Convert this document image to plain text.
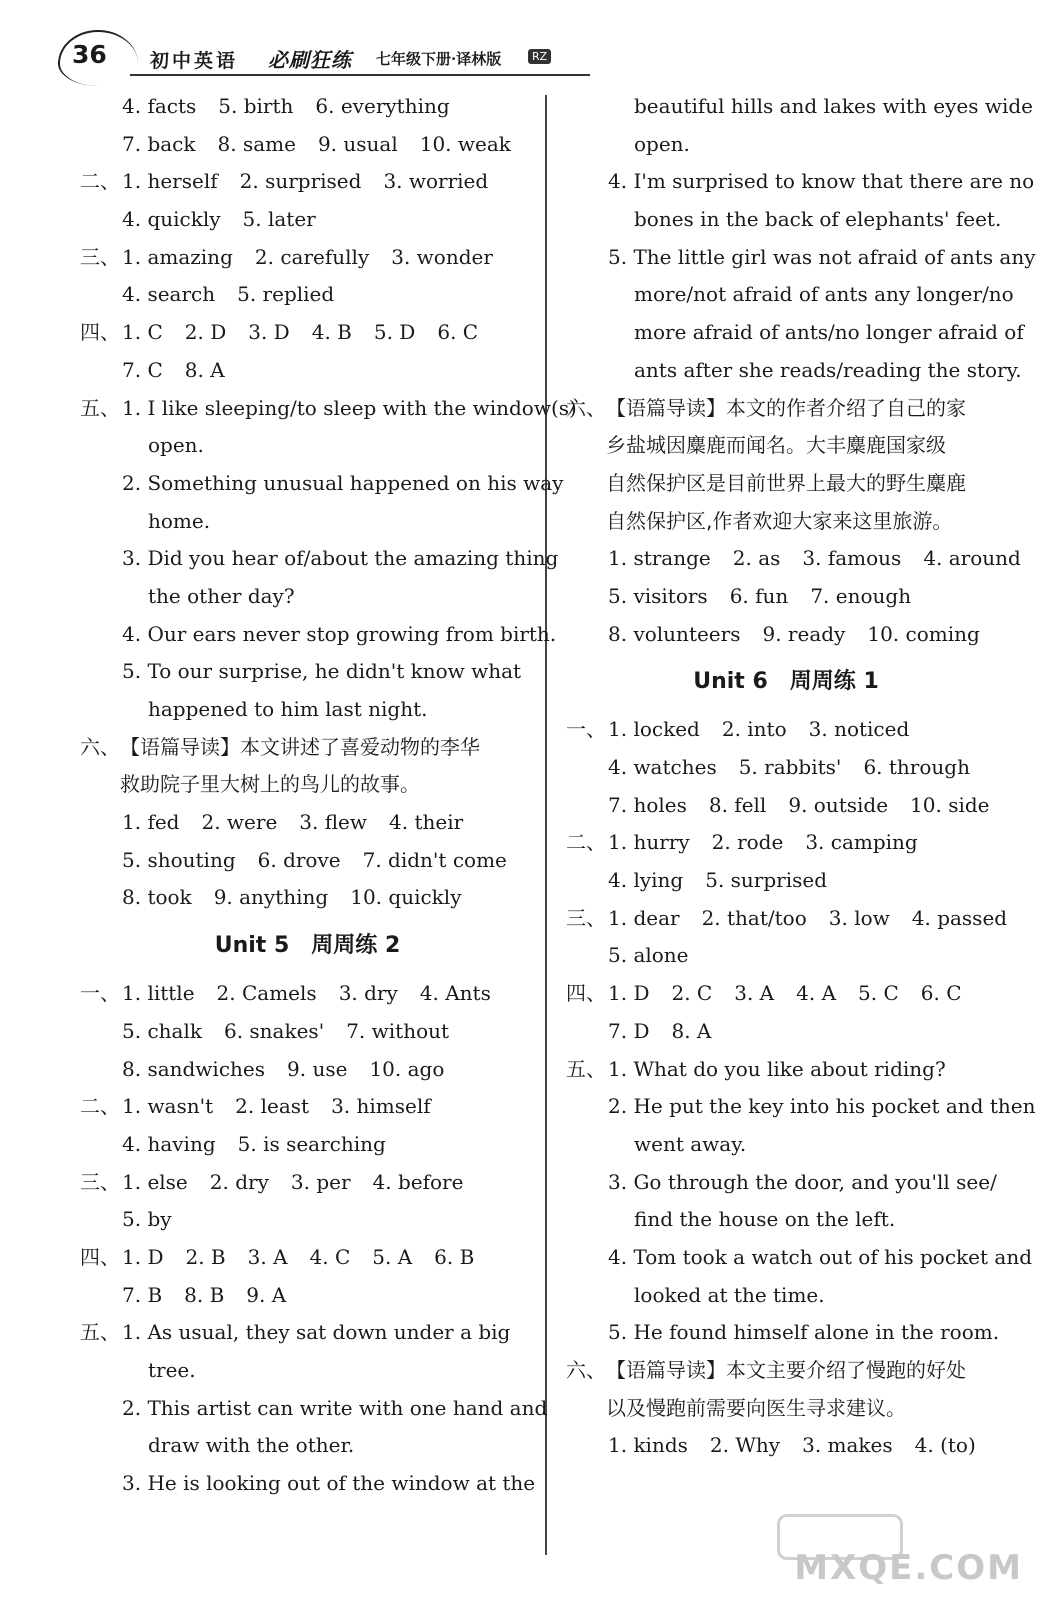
36 初中英语 必刷狂练 七年级下册·译林版	RZ
4. facts 5. birth 6. everything
7. back 8. same 9. usual 10. weak
二、 1. herself 2. surprised 3. worried
4. quickly 5. later
三、 1. amazing 2. carefully 3. wonder
4. search 5. replied
四、 1. C 2. D 3. D 4. B 5. D 6. C
7. C 8. A
五、 1. I like sleeping/to sleep with the window(s)
open.
2. Something unusual happened on his way
home.
3. Did you hear of/about the amazing thing
the other day?
4. Our ears never stop growing from birth.
5. To our surprise, he didn't know what
happened to him last night.
六、 【语篇导读】本文讲述了喜爱动物的李华
救助院子里大树上的鸟儿的故事。
1. fed 2. were 3. flew 4. their
5. shouting 6. drove 7. didn't come
8. took 9. anything 10. quickly
Unit 5　周周练 2
一、 1. little 2. Camels 3. dry 4. Ants
5. chalk 6. snakes' 7. without
8. sandwiches 9. use 10. ago
二、 1. wasn't 2. least 3. himself
4. having 5. is searching
三、 1. else 2. dry 3. per 4. before
5. by
四、 1. D 2. B 3. A 4. C 5. A 6. B
7. B 8. B 9. A
五、 1. As usual, they sat down under a big
tree.
2. This artist can write with one hand and
draw with the other.
3. He is looking out of the window at the
beautiful hills and lakes with eyes wide
open.
4. I'm surprised to know that there are no
bones in the back of elephants' feet.
5. The little girl was not afraid of ants any
more/not afraid of ants any longer/no
more afraid of ants/no longer afraid of
ants after she reads/reading the story.
六、 【语篇导读】本文的作者介绍了自己的家
乡盐城因麋鹿而闻名。大丰麋鹿国家级
自然保护区是目前世界上最大的野生麋鹿
自然保护区,作者欢迎大家来这里旅游。
1. strange 2. as 3. famous 4. around
5. visitors 6. fun 7. enough
8. volunteers 9. ready 10. coming
Unit 6　周周练 1
一、 1. locked 2. into 3. noticed
4. watches 5. rabbits' 6. through
7. holes 8. fell 9. outside 10. side
二、 1. hurry 2. rode 3. camping
4. lying 5. surprised
三、 1. dear 2. that/too 3. low 4. passed
5. alone
四、 1. D 2. C 3. A 4. A 5. C 6. C
7. D 8. A
五、 1. What do you like about riding?
2. He put the key into his pocket and then
went away.
3. Go through the door, and you'll see/
find the house on the left.
4. Tom took a watch out of his pocket and
looked at the time.
5. He found himself alone in the room.
六、 【语篇导读】本文主要介绍了慢跑的好处
以及慢跑前需要向医生寻求建议。
1. kinds 2. Why 3. makes 4. (to)
MXQE.COM
